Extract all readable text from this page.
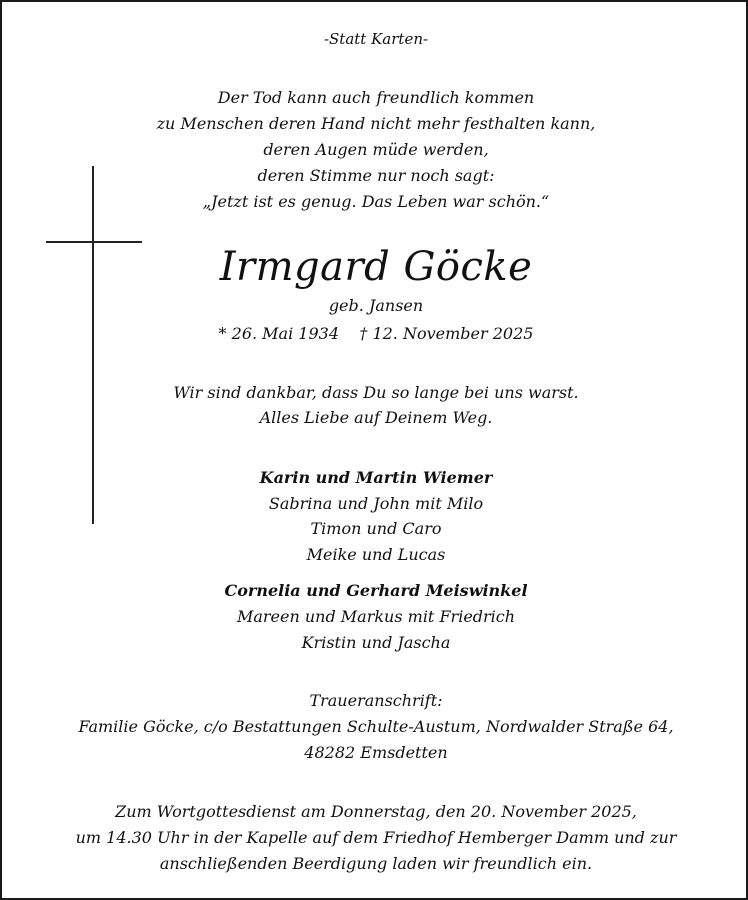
-Statt Karten-
Der Tod kann auch freundlich kommen
zu Menschen deren Hand nicht mehr festhalten kann,
deren Augen müde werden,
deren Stimme nur noch sagt:
„Jetzt ist es genug. Das Leben war schön.“
Irmgard Göcke
geb. Jansen
* 26. Mai 1934    † 12. November 2025
Wir sind dankbar, dass Du so lange bei uns warst.
Alles Liebe auf Deinem Weg.
Karin und Martin Wiemer
Sabrina und John mit Milo
Timon und Caro
Meike und Lucas
Cornelia und Gerhard Meiswinkel
Mareen und Markus mit Friedrich
Kristin und Jascha
Traueranschrift:
Familie Göcke, c/o Bestattungen Schulte-Austum, Nordwalder Straße 64,
48282 Emsdetten
Zum Wortgottesdienst am Donnerstag, den 20. November 2025,
um 14.30 Uhr in der Kapelle auf dem Friedhof Hemberger Damm und zur
anschließenden Beerdigung laden wir freundlich ein.
